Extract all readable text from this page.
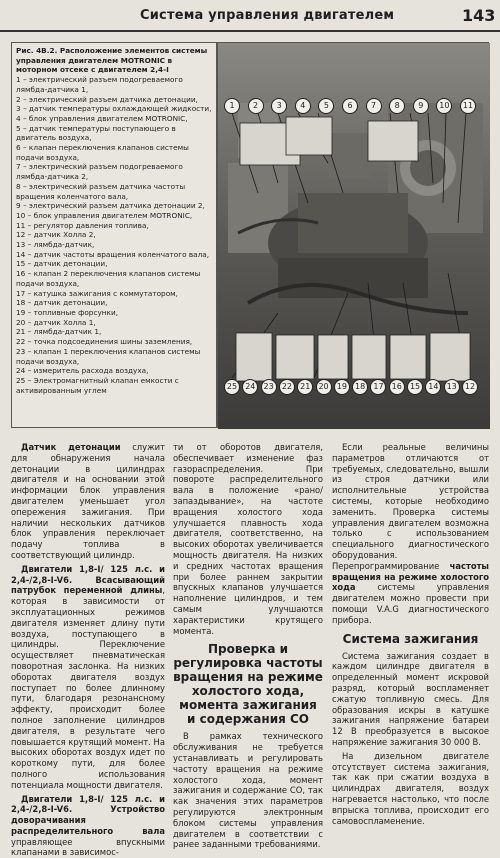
Система управления двигателем	143
Рис. 4В.2. Расположение элементов системы управления двигателем MOTRONIC в моторном отсеке с двигателем 2,4-I
1 – электрический разъем подогреваемого лямбда-датчика 1,
2 – электрический разъем датчика детонации,
3 – датчик температуры охлаждающей жидкости,
4 – блок управления двигателем MOTRONIC,
5 – датчик температуры поступающего в двигатель воздуха,
6 – клапан переключения клапанов системы подачи воздуха,
7 – электрический разъем подогреваемого лямбда-датчика 2,
8 – электрический разъем датчика частоты вращения коленчатого вала,
9 – электрический разъем датчика детонации 2,
10 – блок управления двигателем MOTRONIC,
11 – регулятор давления топлива,
12 – датчик Холла 2,
13 – лямбда-датчик,
14 – датчик частоты вращения коленчатого вала,
15 – датчик детонации,
16 – клапан 2 переключения клапанов системы подачи воздуха,
17 – катушка зажигания с коммутатором,
18 – датчик детонации,
19 – топливные форсунки,
20 – датчик Холла 1,
21 – лямбда-датчик 1,
22 – точка подсоединения шины заземления,
23 – клапан 1 переключения клапанов системы подачи воздуха,
24 – измеритель расхода воздуха,
25 – Электромагнитный клапан емкости с активированным углем
1	2	3	4	5	6	7	8	9	10	11
25	24	23	22	21	20	19	18	17	16	15	14	13	12

Датчик детонации служит для обнаружения начала детонации в цилиндрах двигателя и на основании этой информации блок управления двигателем уменьшает угол опережения зажигания. При наличии нескольких датчиков блок управления переключает подачу топлива в соответствующий цилиндр.

Двигатели 1,8-I/ 125 л.с. и 2,4-/2,8-I-V6. Всасывающий патрубок переменной длины, которая в зависимости от эксплуатационных режимов двигателя изменяет длину пути воздуха, поступающего в цилиндры. Переключение осуществляет пневматическая поворотная заслонка. На низких оборотах двигателя воздух поступает по более длинному пути, благодаря резонансному эффекту, происходит более полное заполнение цилиндров двигателя, в результате чего повышается крутящий момент. На высоких оборотах воздух идет по короткому пути, для более полного использования потенциала мощности двигателя.

Двигатели 1,8-I/ 125 л.с. и 2,4-/2,8-I-V6. Устройство доворачивания распределительного вала управляющее впускными клапанами в зависимос-

ти от оборотов двигателя, обеспечивает изменение фаз газораспределения. При повороте распределительного вала в положение «рано/ запаздывание», на частоте вращения холостого хода улучшается плавность хода двигателя, соответственно, на высоких оборотах увеличивается мощность двигателя. На низких и средних частотах вращения при более раннем закрытии впускных клапанов улучшается наполнение цилиндров, и тем самым улучшаются характеристики крутящего момента.

Проверка и регулировка частоты вращения на режиме холостого хода, момента зажигания и содержания CO

В рамках технического обслуживания не требуется устанавливать и регулировать частоту вращения на режиме холостого хода, момент зажигания и содержание CO, так как значения этих параметров регулируются электронным блоком системы управления двигателем в соответствии с ранее заданными требованиями.

Если реальные величины параметров отличаются от требуемых, следовательно, вышли из строя датчики или исполнительные устройства системы, которые необходимо заменить. Проверка системы управления двигателем возможна только с использованием специального диагностического оборудования. Перепрограммирование частоты вращения на режиме холостого хода	системы управления двигателем можно провести при помощи V.A.G диагностического прибора.

Система зажигания

Система зажигания создает в каждом цилиндре двигателя в определенный момент искровой разряд, который воспламеняет сжатую топливную смесь. Для образования искры в катушке зажигания напряжение батареи 12 В преобразуется в высокое напряжение зажигания 30 000 В.

На дизельном двигателе отсутствует система зажигания, так как при сжатии воздуха в цилиндрах двигателя, воздух нагревается настолько, что после впрыска топлива, происходит его самовоспламенение.
